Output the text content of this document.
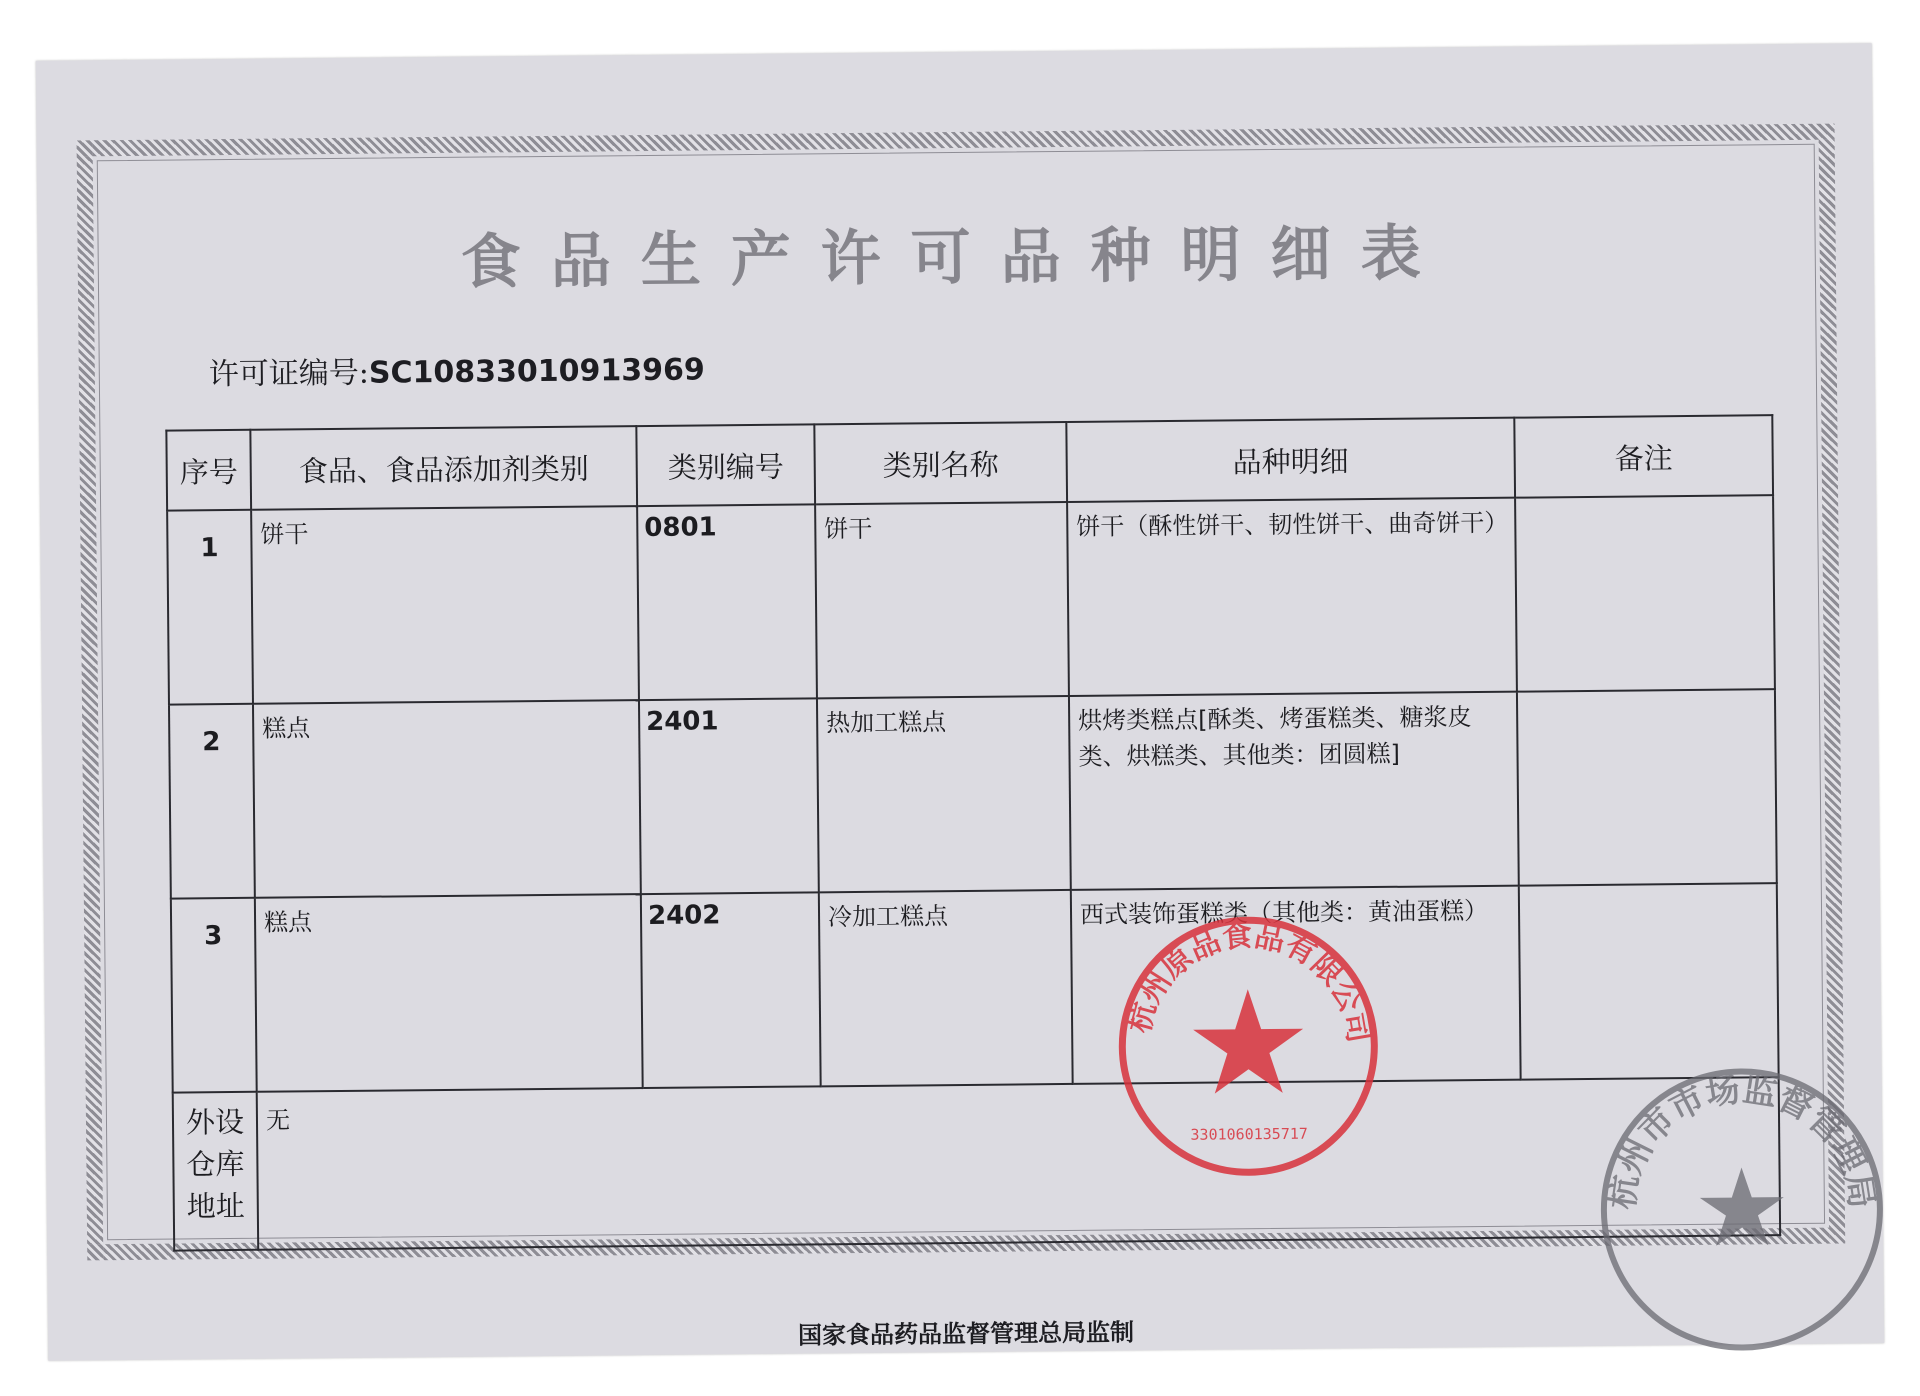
食品生产许可品种明细表
许可证编号:SC10833010913969
序号	食品、食品添加剂类别	类别编号	类别名称	品种明细	备注
1	饼干	0801	饼干	饼干（酥性饼干、韧性饼干、曲奇饼干）	
2	糕点	2401	热加工糕点	烘烤类糕点[酥类、烤蛋糕类、糖浆皮类、烘糕类、其他类：团圆糕]	
3	糕点	2402	冷加工糕点	西式装饰蛋糕类（其他类：黄油蛋糕）	
外设仓库地址	无				
国家食品药品监督管理总局监制
杭州原品食品有限公司
3301060135717
杭州市市场监督管理局
